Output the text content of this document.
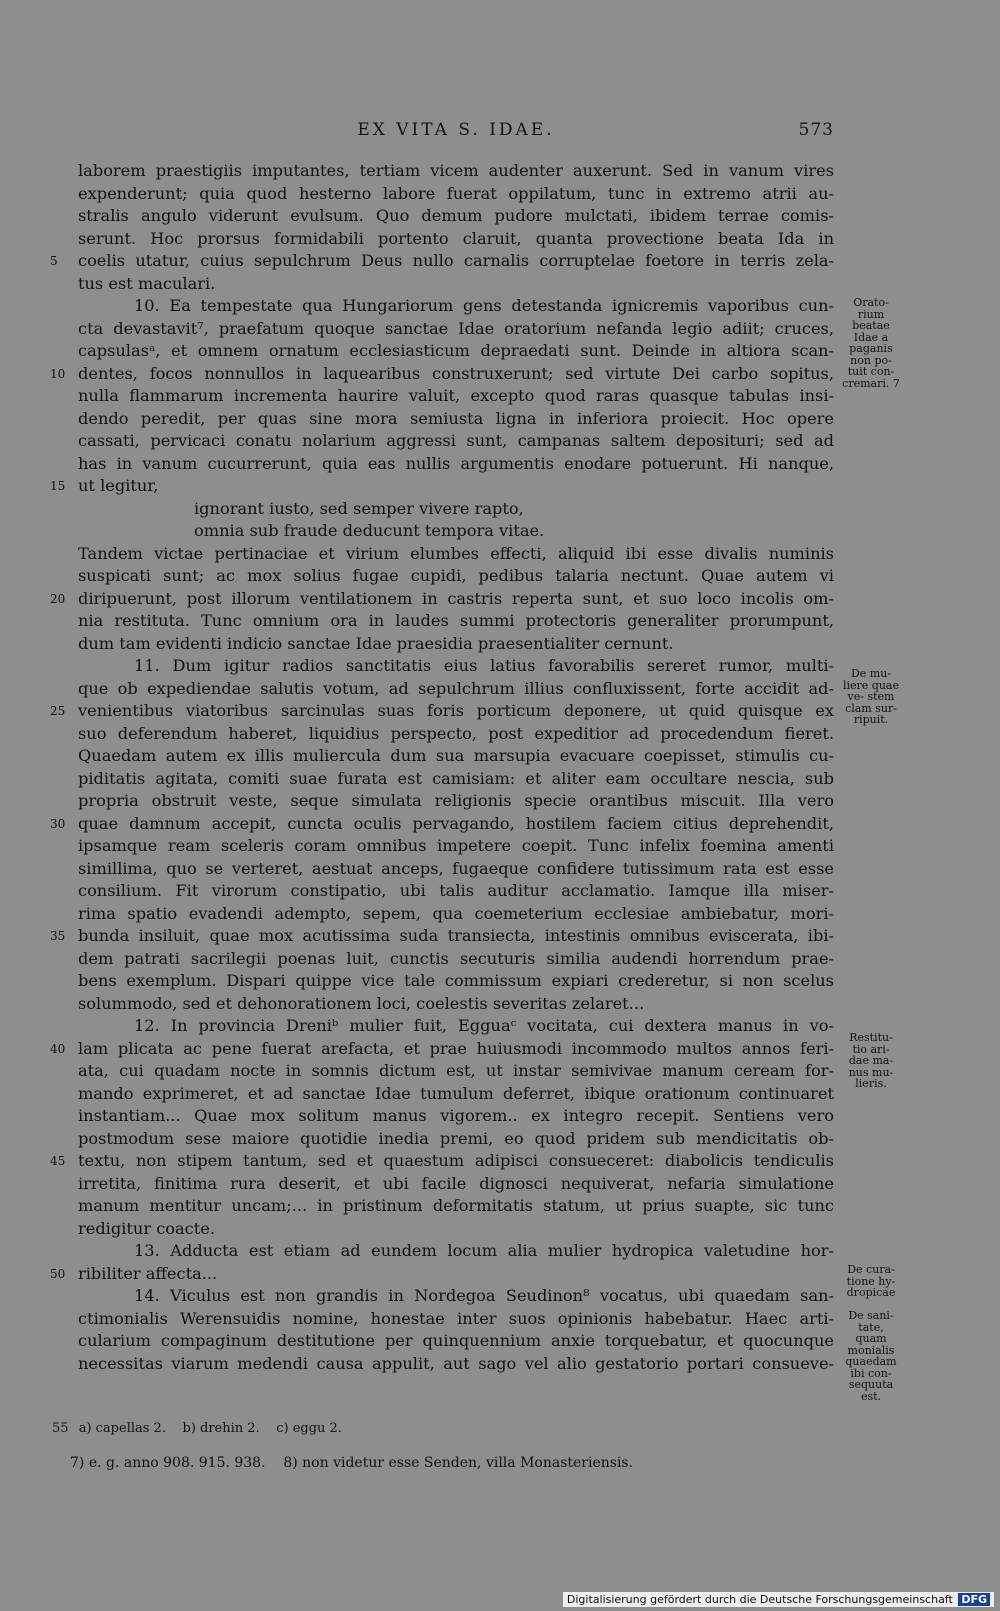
EX VITA S. IDAE.	573
laborem praestigiis imputantes, tertiam vicem audenter auxerunt. Sed in vanum vires
expenderunt; quia quod hesterno labore fuerat oppilatum, tunc in extremo atrii au-
stralis angulo viderunt evulsum. Quo demum pudore mulctati, ibidem terrae comis-
serunt. Hoc prorsus formidabili portento claruit, quanta provectione beata Ida in
5	coelis utatur, cuius sepulchrum Deus nullo carnalis corruptelae foetore in terris zela-
tus est maculari.
10. Ea tempestate qua Hungariorum gens detestanda ignicremis vaporibus cun-
cta devastavit⁷, praefatum quoque sanctae Idae oratorium nefanda legio adiit; cruces,
capsulasᵃ, et omnem ornatum ecclesiasticum depraedati sunt. Deinde in altiora scan-
10 dentes, focos nonnullos in laquearibus construxerunt; sed virtute Dei carbo sopitus,
nulla flammarum incrementa haurire valuit, excepto quod raras quasque tabulas insi-
dendo peredit, per quas sine mora semiusta ligna in inferiora proiecit. Hoc opere
cassati, pervicaci conatu nolarium aggressi sunt, campanas saltem depositurі; sed ad
has in vanum cucurrerunt, quia eas nullis argumentis enodare potuerunt. Hi nanque,
15 ut legitur,
ignorant iusto, sed semper vivere rapto,
omnia sub fraude deducunt tempora vitae.
Tandem victae pertinaciae et virium elumbes effecti, aliquid ibi esse divalis numinis
suspicati sunt; ac mox solius fugae cupidi, pedibus talaria nectunt. Quae autem vi
20 diripuerunt, post illorum ventilationem in castris reperta sunt, et suo loco incolis om-
nia restituta. Tunc omnium ora in laudes summi protectoris generaliter prorumpunt,
dum tam evidenti indicio sanctae Idae praesidia praesentialiter cernunt.
11. Dum igitur radios sanctitatis eius latius favorabilis sereret rumor, multi-
que ob expediendae salutis votum, ad sepulchrum illius confluxissent, forte accidit ad-
25 venientibus viatoribus sarcinulas suas foris porticum deponere, ut quid quisque ex
suo deferendum haberet, liquidius perspecto, post expeditior ad procedendum fieret.
Quaedam autem ex illis muliercula dum sua marsupia evacuare coepisset, stimulis cu-
piditatis agitata, comiti suae furata est camisiam: et aliter eam occultare nescia, sub
propria obstruit veste, seque simulata religionis specie orantibus miscuit. Illa vero
30 quae damnum accepit, cuncta oculis pervagando, hostilem faciem citius deprehendit,
ipsamque ream sceleris coram omnibus impetere coepit. Tunc infelix foemina amenti
simillima, quo se verteret, aestuat anceps, fugaeque confidere tutissimum rata est esse
consilium. Fit virorum constipatio, ubi talis auditur acclamatio. Iamque illa miser-
rima spatio evadendi adempto, sepem, qua coemeterium ecclesiae ambiebatur, mori-
35 bunda insiluit, quae mox acutissima suda transiecta, intestinis omnibus eviscerata, ibi-
dem patrati sacrilegii poenas luit, cunctis secuturis similia audendi horrendum prae-
bens exemplum. Dispari quippe vice tale commissum expiari crederetur, si non scelus
solummodo, sed et dehonorationem loci, coelestis severitas zelaret...
12. In provincia Dreniᵇ mulier fuit, Egguaᶜ vocitata, cui dextera manus in vo-
40 lam plicata ac pene fuerat arefacta, et prae huiusmodi incommodo multos annos feri-
ata, cui quadam nocte in somnis dictum est, ut instar semivivae manum ceream for-
mando exprimeret, et ad sanctae Idae tumulum deferret, ibique orationum continuaret
instantiam... Quae mox solitum manus vigorem.. ex integro recepit. Sentiens vero
postmodum sese maiore quotidie inedia premi, eo quod pridem sub mendicitatis ob-
45 textu, non stipem tantum, sed et quaestum adipisci consueceret: diabolicis tendiculis
irretita, finitima rura deserit, et ubi facile dignosci nequiverat, nefaria simulatione
manum mentitur uncam;... in pristinum deformitatis statum, ut prius suapte, sic tunc
redigitur coacte.
13. Adducta est etiam ad eundem locum alia mulier hydropica valetudine hor-
50 ribiliter affecta...
14. Viculus est non grandis in Nordegoa Seudinon⁸ vocatus, ubi quaedam san-
ctimonialis Werensuidis nomine, honestae inter suos opinionis habebatur. Haec arti-
cularium compaginum destitutione per quinquennium anxie torquebatur, et quocunque
necessitas viarum medendi causa appulit, aut sago vel alio gestatorio portari consueve-
Orato- rium beatae Idae a paganis non po- tuit con- cremari. 7
De mu- liere quae ve- stem clam sur- ripuit.
Restitu- tio ari- dae ma- nus mu- lieris.
De cura- tione hy- dropicae
De sani- tate, quam monialis quaedam ibi con- sequuta est.
55 a) capellas 2.    b) drehin 2.    c) eggu 2.
7) e. g. anno 908. 915. 938.    8) non videtur esse Senden, villa Monasteriensis.
Digitalisierung gefördert durch die Deutsche Forschungsgemeinschaft DFG
